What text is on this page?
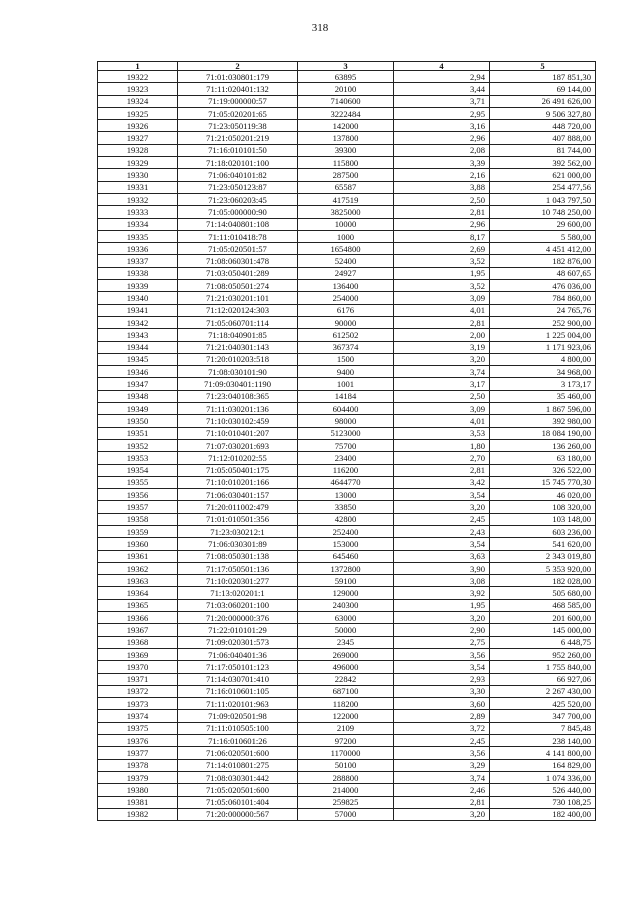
318
1	2	3	4	5
19322	71:01:030801:179	63895	2,94	187 851,30
19323	71:11:020401:132	20100	3,44	69 144,00
19324	71:19:000000:57	7140600	3,71	26 491 626,00
19325	71:05:020201:65	3222484	2,95	9 506 327,80
19326	71:23:050119:38	142000	3,16	448 720,00
19327	71:21:050201:219	137800	2,96	407 888,00
19328	71:16:010101:50	39300	2,08	81 744,00
19329	71:18:020101:100	115800	3,39	392 562,00
19330	71:06:040101:82	287500	2,16	621 000,00
19331	71:23:050123:87	65587	3,88	254 477,56
19332	71:23:060203:45	417519	2,50	1 043 797,50
19333	71:05:000000:90	3825000	2,81	10 748 250,00
19334	71:14:040801:108	10000	2,96	29 600,00
19335	71:11:010418:78	1000	8,17	5 580,00
19336	71:05:020501:57	1654800	2,69	4 451 412,00
19337	71:08:060301:478	52400	3,52	182 876,00
19338	71:03:050401:289	24927	1,95	48 607,65
19339	71:08:050501:274	136400	3,52	476 036,00
19340	71:21:030201:101	254000	3,09	784 860,00
19341	71:12:020124:303	6176	4,01	24 765,76
19342	71:05:060701:114	90000	2,81	252 900,00
19343	71:18:040901:85	612502	2,00	1 225 004,00
19344	71:21:040301:143	367374	3,19	1 171 923,06
19345	71:20:010203:518	1500	3,20	4 800,00
19346	71:08:030101:90	9400	3,74	34 968,00
19347	71:09:030401:1190	1001	3,17	3 173,17
19348	71:23:040108:365	14184	2,50	35 460,00
19349	71:11:030201:136	604400	3,09	1 867 596,00
19350	71:10:030102:459	98000	4,01	392 980,00
19351	71:10:010401:207	5123000	3,53	18 084 190,00
19352	71:07:030201:693	75700	1,80	136 260,00
19353	71:12:010202:55	23400	2,70	63 180,00
19354	71:05:050401:175	116200	2,81	326 522,00
19355	71:10:010201:166	4644770	3,42	15 745 770,30
19356	71:06:030401:157	13000	3,54	46 020,00
19357	71:20:011002:479	33850	3,20	108 320,00
19358	71:01:010501:356	42800	2,45	103 148,00
19359	71:23:030212:1	252400	2,43	603 236,00
19360	71:06:030301:89	153000	3,54	541 620,00
19361	71:08:050301:138	645460	3,63	2 343 019,80
19362	71:17:050501:136	1372800	3,90	5 353 920,00
19363	71:10:020301:277	59100	3,08	182 028,00
19364	71:13:020201:1	129000	3,92	505 680,00
19365	71:03:060201:100	240300	1,95	468 585,00
19366	71:20:000000:376	63000	3,20	201 600,00
19367	71:22:010101:29	50000	2,90	145 000,00
19368	71:09:020301:573	2345	2,75	6 448,75
19369	71:06:040401:36	269000	3,56	952 260,00
19370	71:17:050101:123	496000	3,54	1 755 840,00
19371	71:14:030701:410	22842	2,93	66 927,06
19372	71:16:010601:105	687100	3,30	2 267 430,00
19373	71:11:020101:963	118200	3,60	425 520,00
19374	71:09:020501:98	122000	2,89	347 700,00
19375	71:11:010505:100	2109	3,72	7 845,48
19376	71:16:010601:26	97200	2,45	238 140,00
19377	71:06:020501:600	1170000	3,56	4 141 800,00
19378	71:14:010801:275	50100	3,29	164 829,00
19379	71:08:030301:442	288800	3,74	1 074 336,00
19380	71:05:020501:600	214000	2,46	526 440,00
19381	71:05:060101:404	259825	2,81	730 108,25
19382	71:20:000000:567	57000	3,20	182 400,00
